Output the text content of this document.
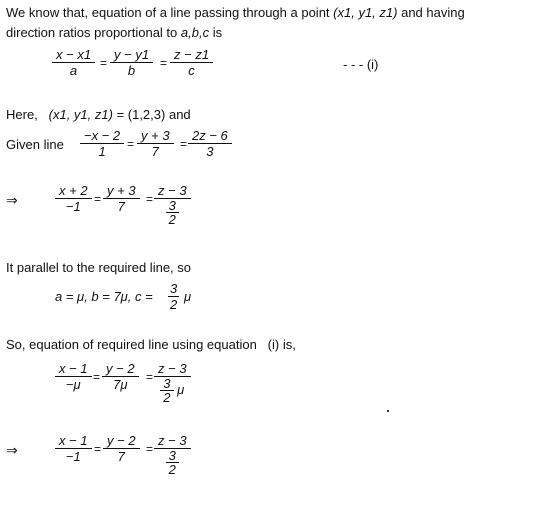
We know that, equation of a line passing through a point (x1, y1, z1) and having
direction ratios proportional to a,b,c is
$\frac{x - x1}{a} = \frac{y - y1}{b} = \frac{z - z1}{c}$	- - - (i)
Here, (x1, y1, z1) = (1,2,3) and
Given line $\frac{-x - 2}{1} = \frac{y + 3}{7} = \frac{2z - 6}{3}$
⇒	$\frac{x + 2}{-1} = \frac{y + 3}{7} = \frac{z - 3}{\frac{3}{2}}$
It parallel to the required line, so
a = μ, b = 7μ, $c = \frac{3}{2}$ μ
So, equation of required line using equation (i) is,
$\frac{x - 1}{-\mu} = \frac{y - 2}{7\mu} = \frac{z - 3}{\frac{3}{2} \mu}$
⇒	$\frac{x - 1}{-1} = \frac{y - 2}{7} = \frac{z - 3}{\frac{3}{2}}$
